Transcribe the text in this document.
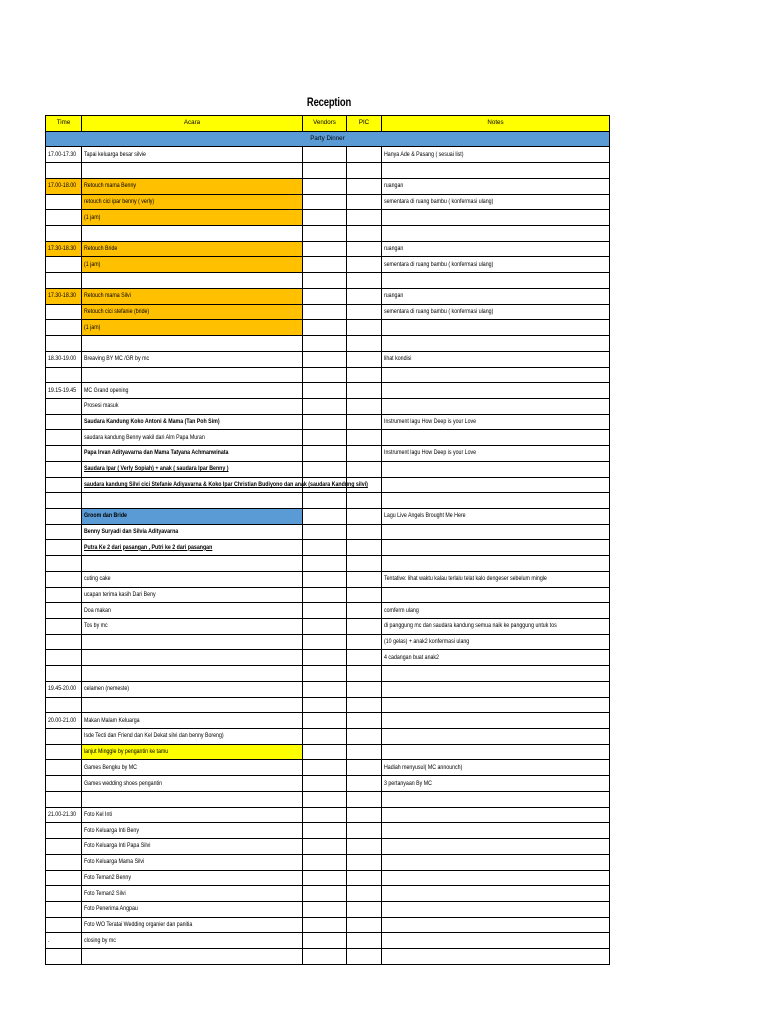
Reception
Time	Acara	Vendors	PIC	Notes
Party Dinner				
17.00-17.30	Tapai keluarga besar silvie			Hanya Ade & Pasang ( sesuai list)

17.00-18.00	Retouch mama Benny			ruangan
	retouch cici ipar benny ( verly)			sementara di ruang bambu ( konfermasi ulang)
	(1 jam)			

17.30-18.30	Retouch Bride			ruangan
	(1 jam)			sementara di ruang bambu ( konfermasi ulang)

17.30-18.30	Retouch mama Silvi			ruangan
	Retouch cici stefanie (bride)			sementara di ruang bambu ( konfermasi ulang)
	(1 jam)			

18.30-19.00	Breaving BY MC /GR by mc			lihat kondisi

19.15-19.45	MC Grand opening			
	Prosesi masuk			
	Saudara Kandung Koko Antoni & Mama (Tan Poh Sim)			Instrument lagu How Deep is your Love
	saudara kandung Benny wakil dari Alm Papa Muran			
	Papa Irvan Adityavarna dan Mama Tatyana Achmanwinata			Instrument lagu How Deep is your Love
	Saudara Ipar ( Verly Sopiah) + anak ( saudara Ipar Benny )			
	saudara kandung Silvi cici Stefanie Adiyavarna & Koko Ipar Christian Budiyono dan anak (saudara Kandung silvi)			

	Groom dan Bride			Lagu Live Angels Brought Me Here
	Benny Suryadi dan Silvia Adityavarna			
	Putra Ke 2 dari pasangan , Putri ke 2 dari pasangan			

	cuting cake			Tentative: lihat waktu kalau terlalu telat kalo dengeser sebelum mingle
	ucapan terima kasih Dari Beny			
	Doa makan			comferm ulang
	Tos by mc			di panggung mc dan saudara kandung semua naik ke panggung untuk tos
				(10 gelas) + anak2 konfermasi ulang
				4 cadangan buat anak2

19.45-20.00	celamen (nemeste)			

20.00-21.00	Makan Malam Keluarga			
	Isde Tecti dan Friend dan Kel Dekat silvi dan benny Boreng)			
	lanjut Minggle by pengantin ke tamu			
	Games Bengku by MC			Hadiah menyusul( MC announch)
	Games wedding shoes pengantin			3 pertanyaan By MC

21.00-21.30	Foto Kel Inti			
	Foto Keluarga Inti Beny			
	Foto Keluarga Inti Papa Silvi			
	Foto Keluarga Mama Silvi			
	Foto Teman2 Benny			
	Foto Teman2 Silvi			
	Foto Penerima Angpau			
	Foto WO Teratai Wedding organier dan panitia			
.	closing by mc			
